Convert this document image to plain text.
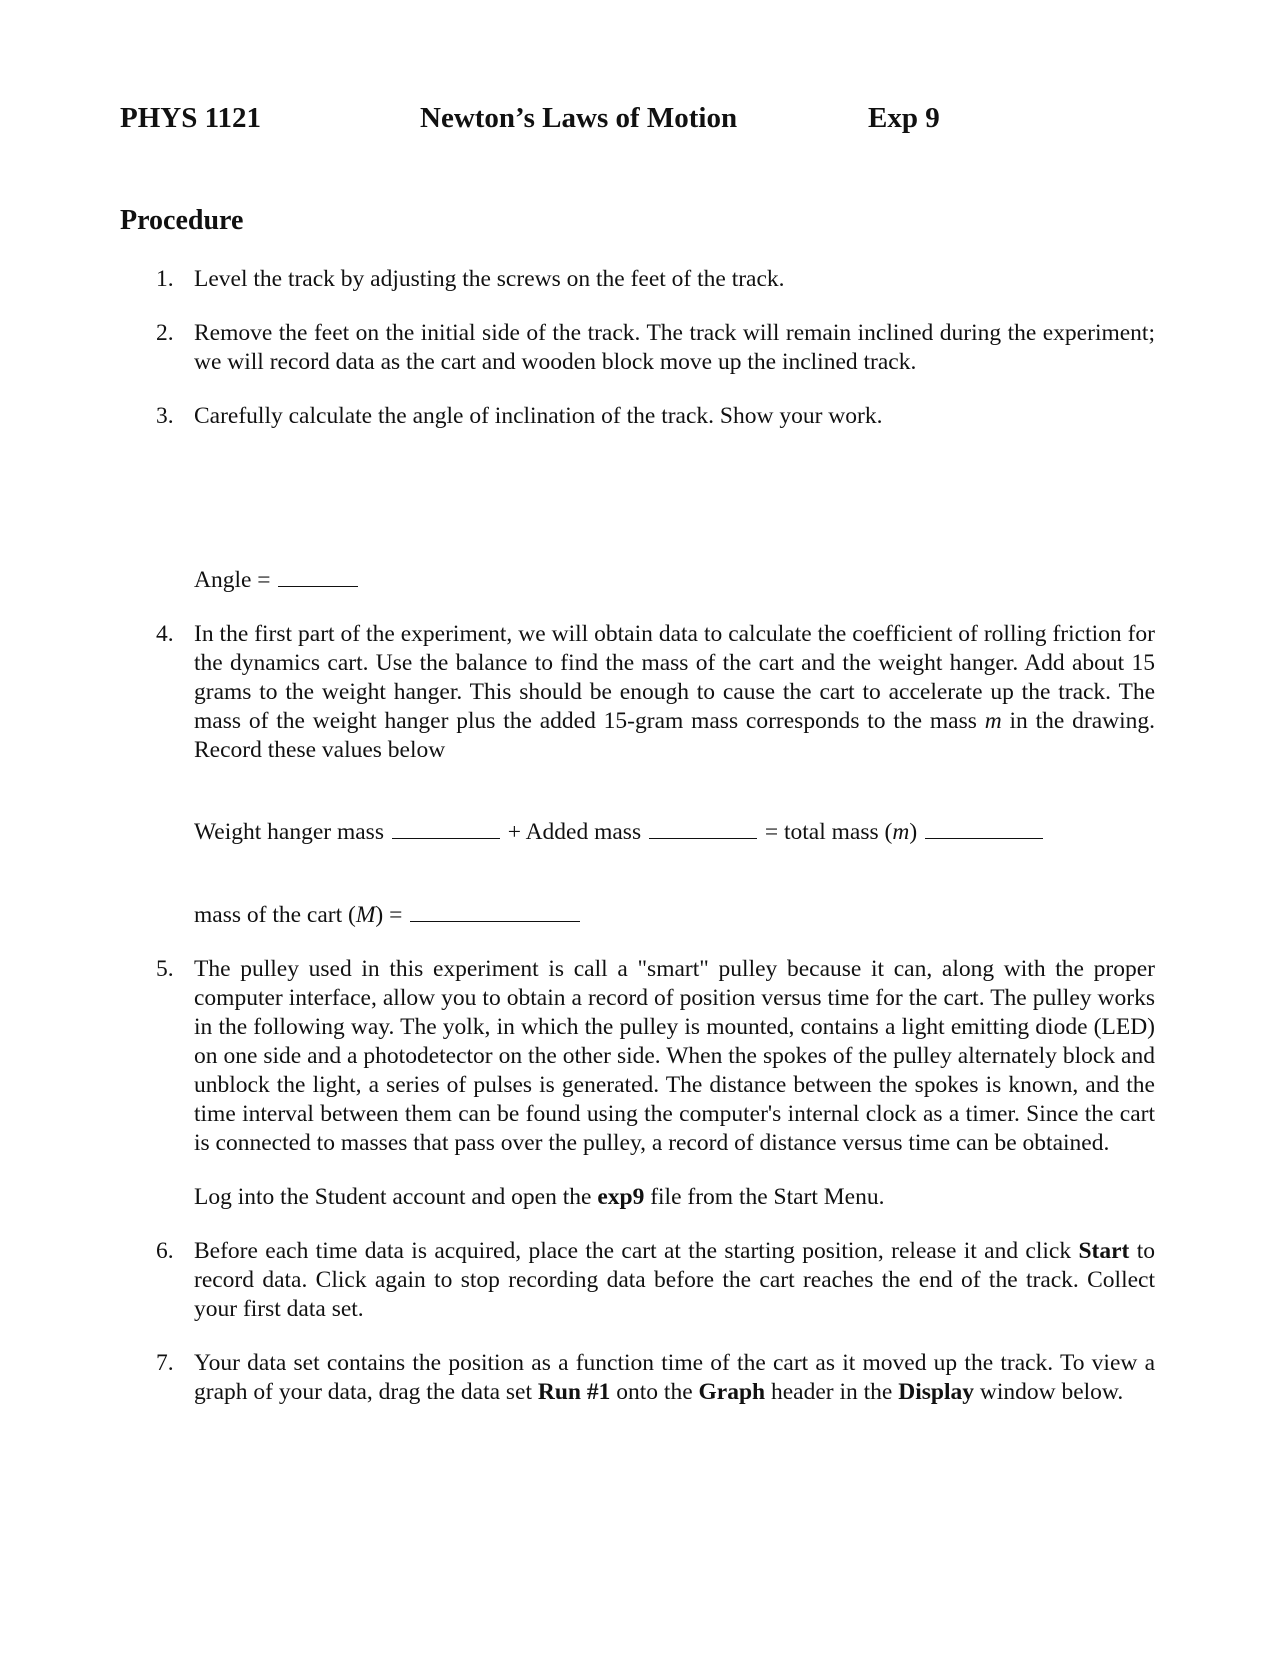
PHYS 1121	Newton’s Laws of Motion	Exp 9
Procedure
1. Level the track by adjusting the screws on the feet of the track.

2. Remove the feet on the initial side of the track. The track will remain inclined during the experiment; we will record data as the cart and wooden block move up the inclined track.

3. Carefully calculate the angle of inclination of the track. Show your work.

Angle =

4. In the first part of the experiment, we will obtain data to calculate the coefficient of rolling friction for the dynamics cart. Use the balance to find the mass of the cart and the weight hanger. Add about 15 grams to the weight hanger. This should be enough to cause the cart to accelerate up the track. The mass of the weight hanger plus the added 15-gram mass corresponds to the mass m in the drawing. Record these values below

Weight hanger mass	+ Added mass	= total mass (m)

mass of the cart (M) =

5. The pulley used in this experiment is call a "smart" pulley because it can, along with the proper computer interface, allow you to obtain a record of position versus time for the cart. The pulley works in the following way. The yolk, in which the pulley is mounted, contains a light emitting diode (LED) on one side and a photodetector on the other side. When the spokes of the pulley alternately block and unblock the light, a series of pulses is generated. The distance between the spokes is known, and the time interval between them can be found using the computer's internal clock as a timer. Since the cart is connected to masses that pass over the pulley, a record of distance versus time can be obtained.

Log into the Student account and open the exp9 file from the Start Menu.

6. Before each time data is acquired, place the cart at the starting position, release it and click Start to record data. Click again to stop recording data before the cart reaches the end of the track. Collect your first data set.

7. Your data set contains the position as a function time of the cart as it moved up the track. To view a graph of your data, drag the data set Run #1 onto the Graph header in the Display window below.
